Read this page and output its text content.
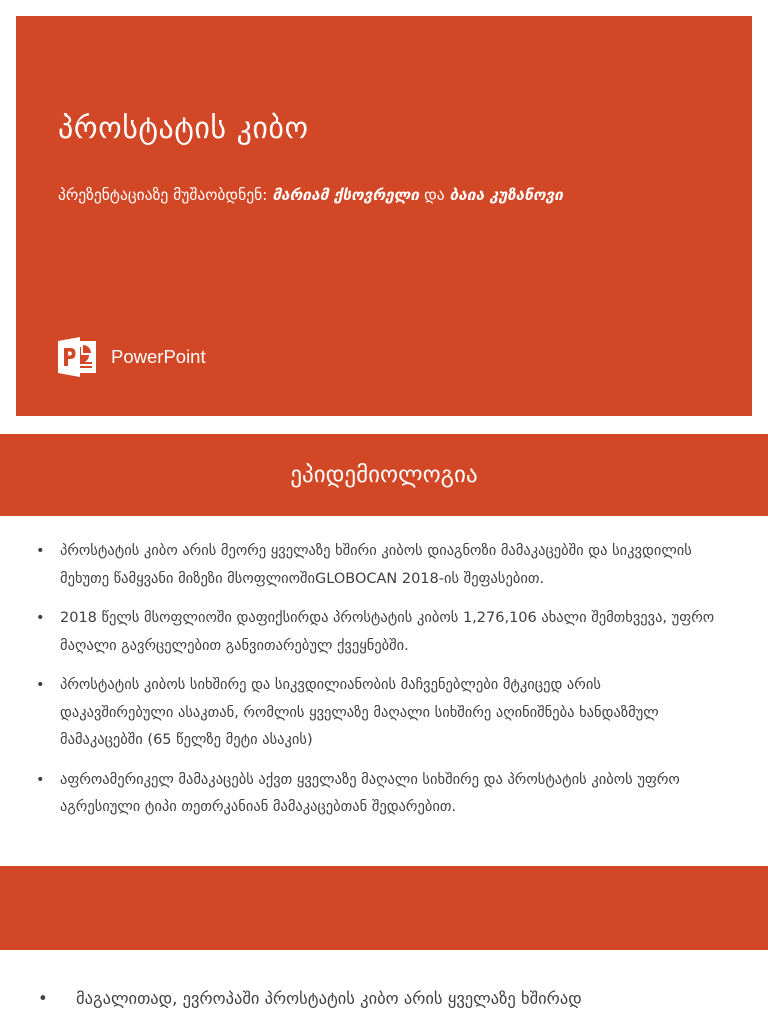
პროსტატის კიბო
პრეზენტაციაზე მუშაობდნენ: მარიამ ქსოვრელი და ბაია კუზანოვი
PowerPoint
ეპიდემიოლოგია
• პროსტატის კიბო არის მეორე ყველაზე ხშირი კიბოს დიაგნოზი მამაკაცებში და სიკვდილის მეხუთე წამყვანი მიზეზი მსოფლიოშიGLOBOCAN 2018-ის შეფასებით.
• 2018 წელს მსოფლიოში დაფიქსირდა პროსტატის კიბოს 1,276,106 ახალი შემთხვევა, უფრო მაღალი გავრცელებით განვითარებულ ქვეყნებში.
• პროსტატის კიბოს სიხშირე და სიკვდილიანობის მაჩვენებლები მტკიცედ არის დაკავშირებული ასაკთან, რომლის ყველაზე მაღალი სიხშირე აღინიშნება ხანდაზმულ მამაკაცებში (65 წელზე მეტი ასაკის)
• აფროამერიკელ მამაკაცებს აქვთ ყველაზე მაღალი სიხშირე და პროსტატის კიბოს უფრო აგრესიული ტიპი თეთრკანიან მამაკაცებთან შედარებით.
• მაგალითად, ევროპაში პროსტატის კიბო არის ყველაზე ხშირად
